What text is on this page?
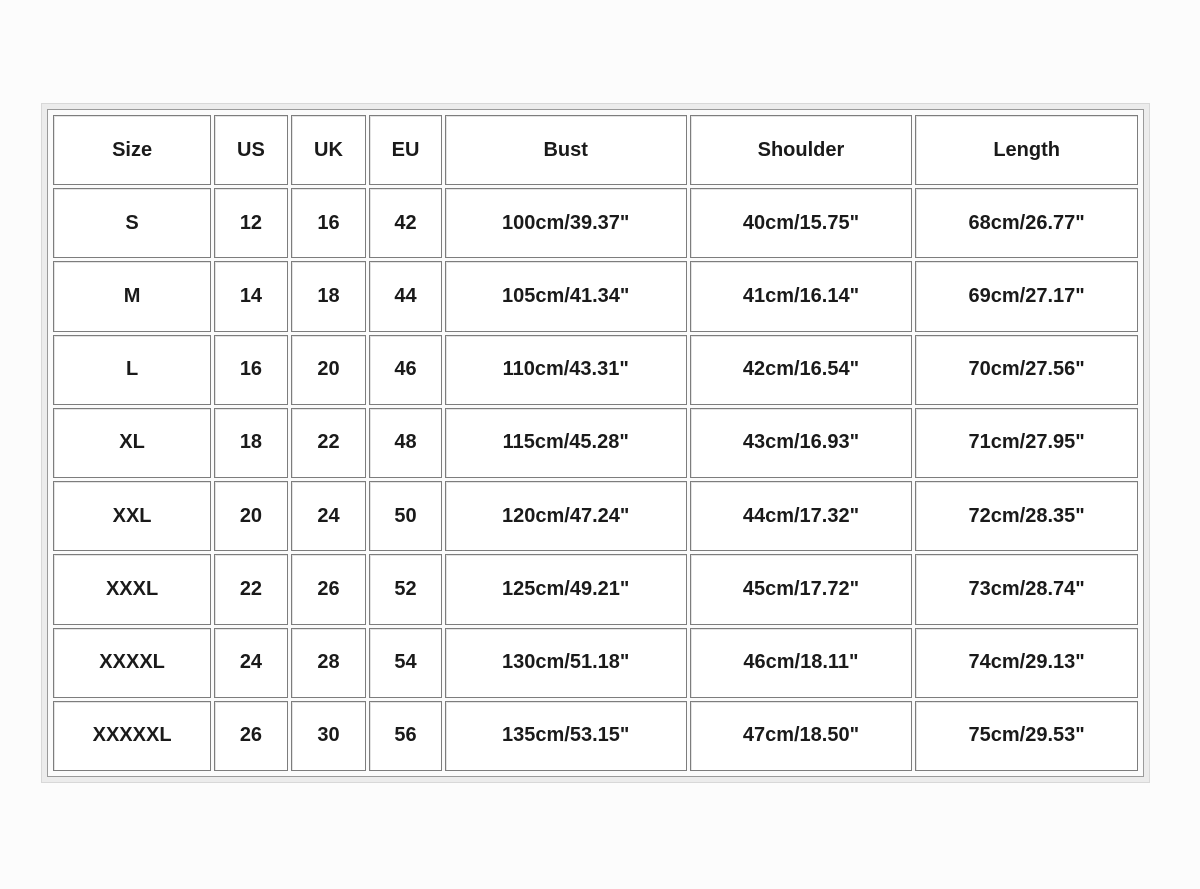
Size	US	UK	EU	Bust	Shoulder	Length
S	12	16	42	100cm/39.37"	40cm/15.75"	68cm/26.77"
M	14	18	44	105cm/41.34"	41cm/16.14"	69cm/27.17"
L	16	20	46	110cm/43.31"	42cm/16.54"	70cm/27.56"
XL	18	22	48	115cm/45.28"	43cm/16.93"	71cm/27.95"
XXL	20	24	50	120cm/47.24"	44cm/17.32"	72cm/28.35"
XXXL	22	26	52	125cm/49.21"	45cm/17.72"	73cm/28.74"
XXXXL	24	28	54	130cm/51.18"	46cm/18.11"	74cm/29.13"
XXXXXL	26	30	56	135cm/53.15"	47cm/18.50"	75cm/29.53"
